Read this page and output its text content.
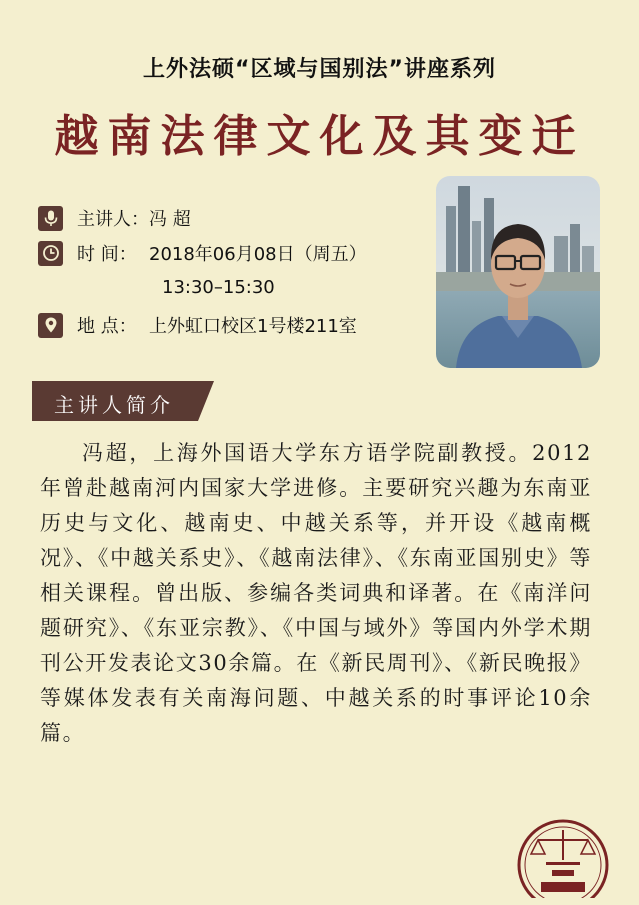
上外法硕“区域与国别法”讲座系列
越南法律文化及其变迁
主讲人： 冯 超
时 间： 2018年06月08日（周五）
13:30–15:30
地 点： 上外虹口校区1号楼211室
主讲人简介

冯超，上海外国语大学东方语学院副教授。2012年曾赴越南河内国家大学进修。主要研究兴趣为东南亚历史与文化、越南史、中越关系等，并开设《越南概况》、《中越关系史》、《越南法律》、《东南亚国别史》等相关课程。曾出版、参编各类词典和译著。在《南洋问题研究》、《东亚宗教》、《中国与域外》等国内外学术期刊公开发表论文30余篇。在《新民周刊》、《新民晚报》等媒体发表有关南海问题、中越关系的时事评论10余篇。
